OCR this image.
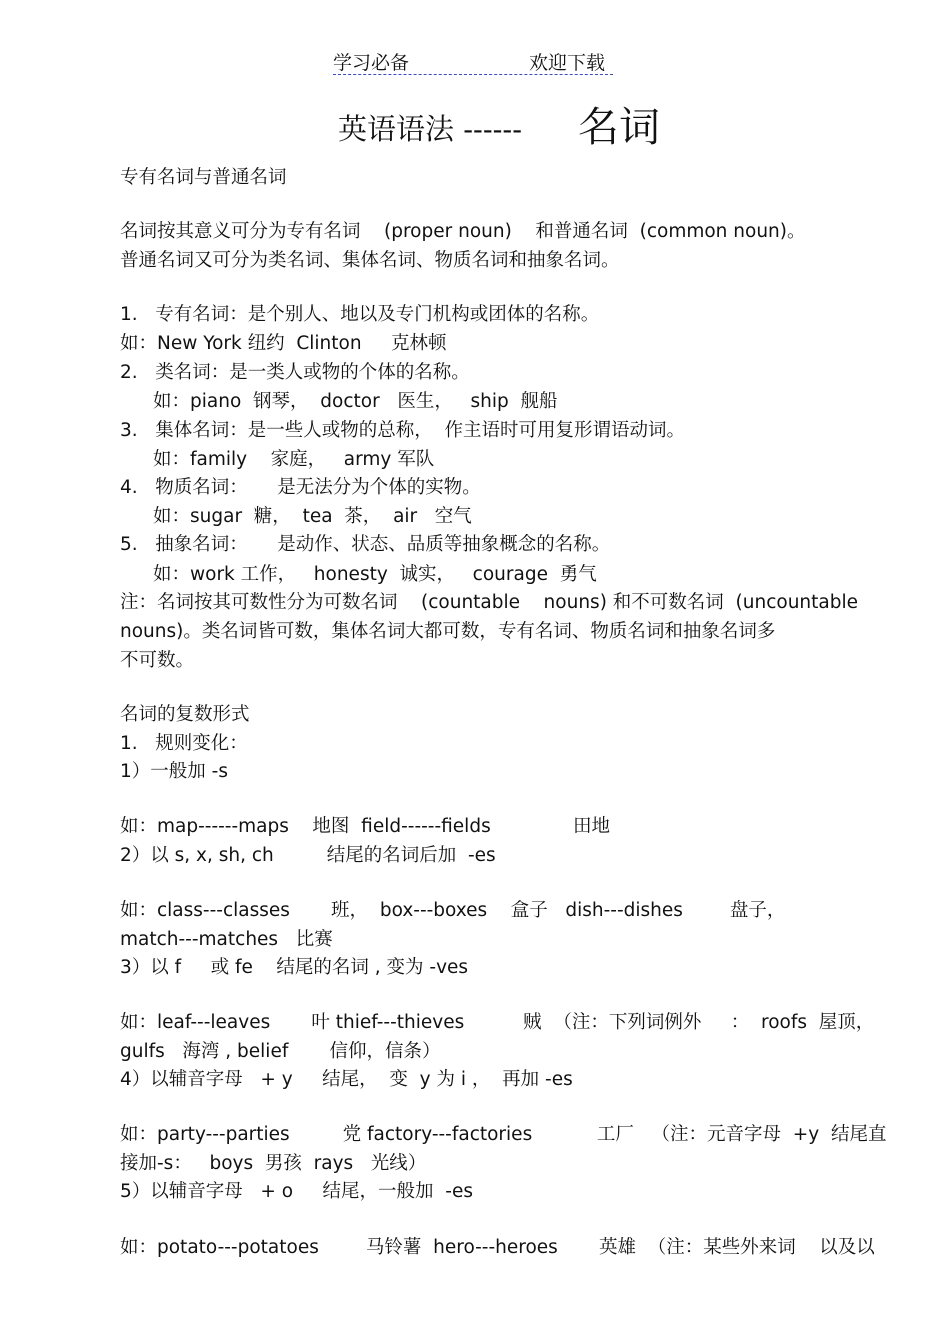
学习必备	欢迎下载
英语语法 ------ 名词
专有名词与普通名词
名词按其意义可分为专有名词    (proper noun)    和普通名词  (common noun)。
普通名词又可分为类名词、集体名词、物质名词和抽象名词。
1.   专有名词：是个别人、地以及专门机构或团体的名称。
如：New York 纽约  Clinton     克林顿
2.   类名词：是一类人或物的个体的名称。
如：piano  钢琴，  doctor   医生，   ship  舰船
3.   集体名词：是一些人或物的总称，  作主语时可用复形谓语动词。
如：family    家庭，   army 军队
4.   物质名词：     是无法分为个体的实物。
如：sugar  糖，  tea  茶，  air   空气
5.   抽象名词：     是动作、状态、品质等抽象概念的名称。
如：work 工作，   honesty  诚实，   courage  勇气
注：名词按其可数性分为可数名词    (countable    nouns) 和不可数名词  (uncountable
nouns)。类名词皆可数，集体名词大都可数，专有名词、物质名词和抽象名词多
不可数。
名词的复数形式
1.   规则变化：
1）一般加 -s
如：map------maps    地图  field------fields              田地
2）以 s, x, sh, ch         结尾的名词后加  -es
如：class---classes       班，  box---boxes    盒子   dish---dishes        盘子，
match---matches   比赛
3）以 f     或 fe    结尾的名词 , 变为 -ves
如：leaf---leaves       叶 thief---thieves          贼  （注：下列词例外     ：  roofs  屋顶，
gulfs   海湾 , belief       信仰，信条）
4）以辅音字母   + y     结尾，  变  y 为 i ，  再加 -es
如：party---parties         党 factory---factories           工厂   （注：元音字母  +y  结尾直
接加-s：   boys  男孩  rays   光线）
5）以辅音字母   + o     结尾，一般加  -es
如：potato---potatoes        马铃薯  hero---heroes       英雄  （注：某些外来词    以及以
